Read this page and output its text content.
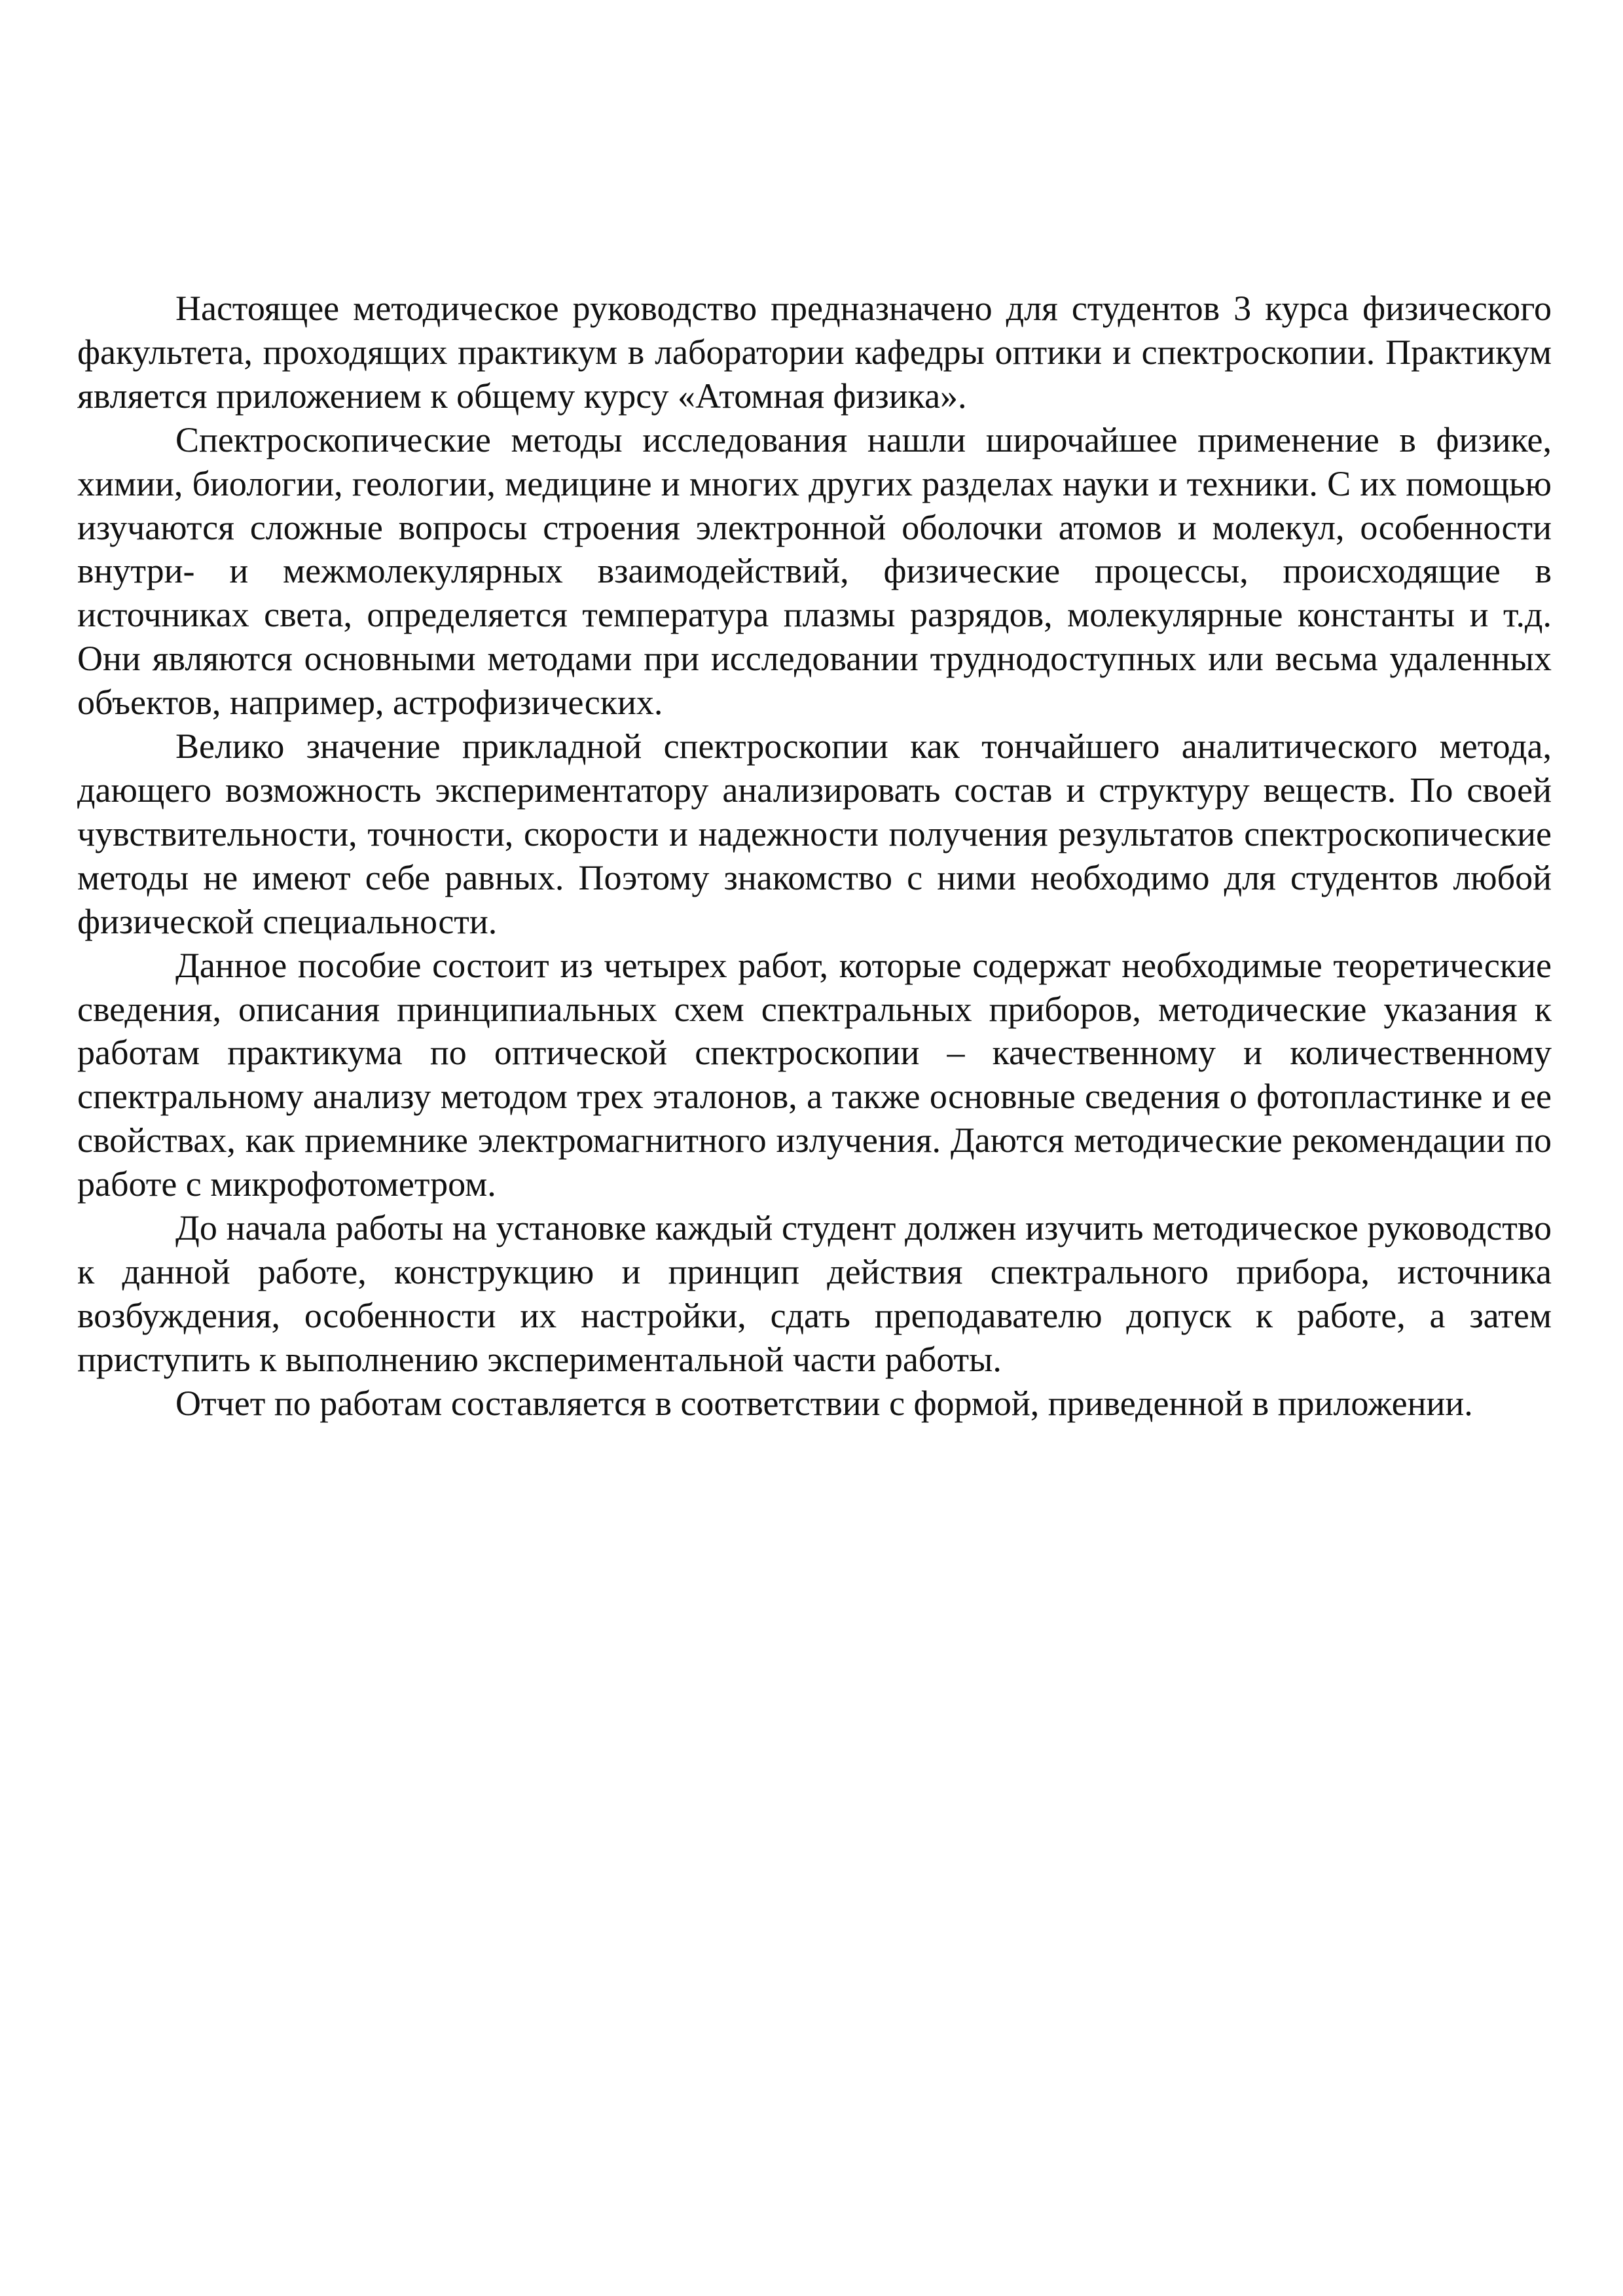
Настоящее методическое руководство предназначено для студентов 3 курса физического факультета, проходящих практикум в лаборатории кафедры оптики и спектроскопии. Практикум является приложением к общему курсу «Атомная физика».

Спектроскопические методы исследования нашли широчайшее применение в физике, химии, биологии, геологии, медицине и многих других разделах науки и техники. С их помощью изучаются сложные вопросы строения электронной оболочки атомов и молекул, особенности внутри- и межмолекулярных взаимодействий, физические процессы, происходящие в источниках света, определяется температура плазмы разрядов, молекулярные константы и т.д. Они являются основными методами при исследовании труднодоступных или весьма удаленных объектов, например, астрофизических.

Велико значение прикладной спектроскопии как тончайшего аналитического метода, дающего возможность экспериментатору анализировать состав и структуру веществ. По своей чувствительности, точности, скорости и надежности получения результатов спектроскопические методы не имеют себе равных. Поэтому знакомство с ними необходимо для студентов любой физической специальности.

Данное пособие состоит из четырех работ, которые содержат необходимые теоретические сведения, описания принципиальных схем спектральных приборов, методические указания к работам практикума по оптической спектроскопии – качественному и количественному спектральному анализу методом трех эталонов, а также основные сведения о фотопластинке и ее свойствах, как приемнике электромагнитного излучения. Даются методические рекомендации по работе с микрофотометром.

До начала работы на установке каждый студент должен изучить методическое руководство к данной работе, конструкцию и принцип действия спектрального прибора, источника возбуждения, особенности их настройки, сдать преподавателю допуск к работе, а затем приступить к выполнению экспериментальной части работы.

Отчет по работам составляется в соответствии с формой, приведенной в приложении.
